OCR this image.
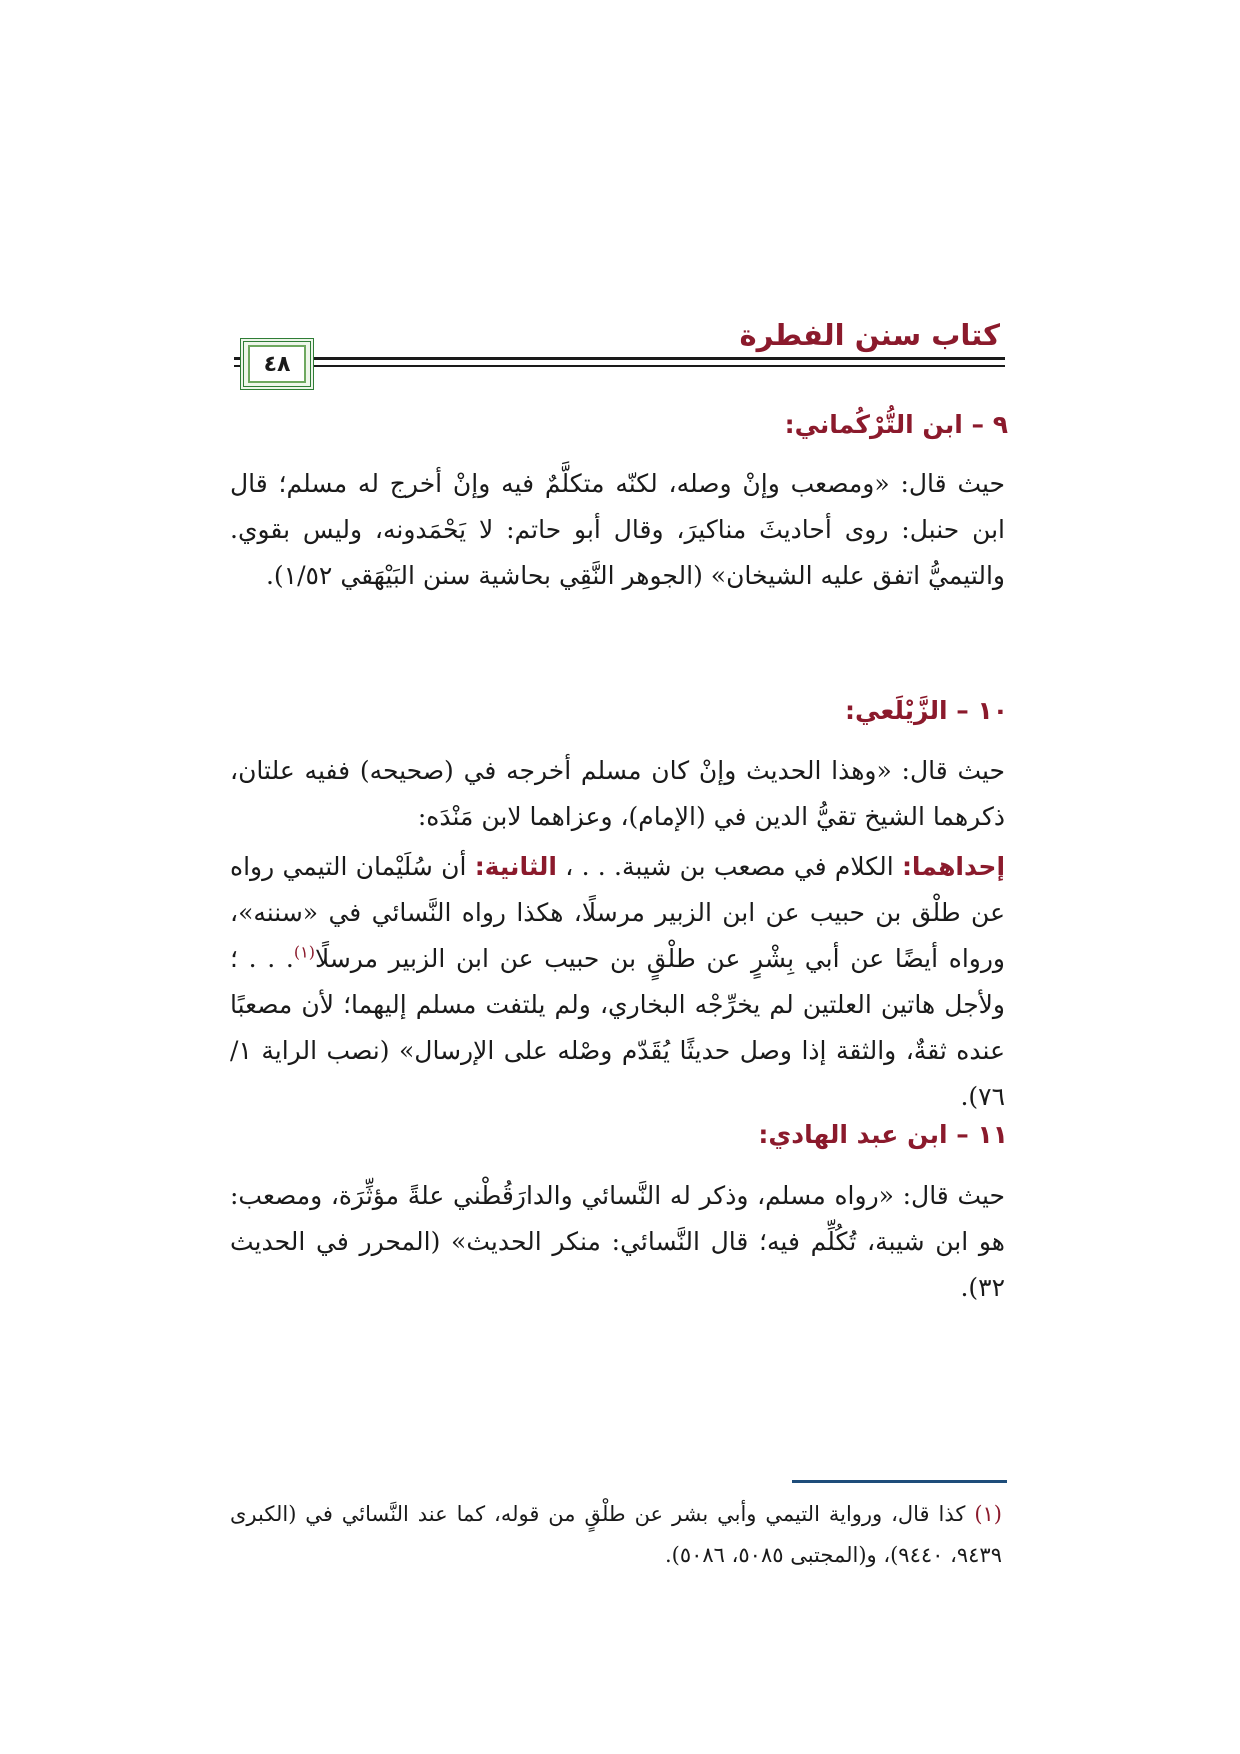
كتاب سنن الفطرة
٤٨
٩ – ابن التُّرْكُماني:

حيث قال: «ومصعب وإنْ وصله، لكنّه متكلَّمٌ فيه وإنْ أخرج له مسلم؛ قال ابن حنبل: روى أحاديثَ مناكيرَ، وقال أبو حاتم: لا يَحْمَدونه، وليس بقوي. والتيميُّ اتفق عليه الشيخان» (الجوهر النَّقِي بحاشية سنن البَيْهَقي ١/٥٢).

١٠ – الزَّيْلَعي:

حيث قال: «وهذا الحديث وإنْ كان مسلم أخرجه في (صحيحه) ففيه علتان، ذكرهما الشيخ تقيُّ الدين في (الإمام)، وعزاهما لابن مَنْدَه:

إحداهما: الكلام في مصعب بن شيبة. . . ، الثانية: أن سُلَيْمان التيمي رواه عن طلْق بن حبيب عن ابن الزبير مرسلًا، هكذا رواه النَّسائي في «سننه»، ورواه أيضًا عن أبي بِشْرٍ عن طلْقٍ بن حبيب عن ابن الزبير مرسلًا$^{(١)}$. . . ؛ ولأجل هاتين العلتين لم يخرِّجْه البخاري، ولم يلتفت مسلم إليهما؛ لأن مصعبًا عنده ثقةٌ، والثقة إذا وصل حديثًا يُقَدّم وصْله على الإرسال» (نصب الراية ١/ ٧٦).

١١ – ابن عبد الهادي:

حيث قال: «رواه مسلم، وذكر له النَّسائي والدارَقُطْني علةً مؤثِّرَة، ومصعب: هو ابن شيبة، تُكُلِّم فيه؛ قال النَّسائي: منكر الحديث» (المحرر في الحديث ٣٢).

(١) كذا قال، ورواية التيمي وأبي بشر عن طلْقٍ من قوله، كما عند النَّسائي في (الكبرى ٩٤٣٩، ٩٤٤٠)، و(المجتبى ٥٠٨٥، ٥٠٨٦).
